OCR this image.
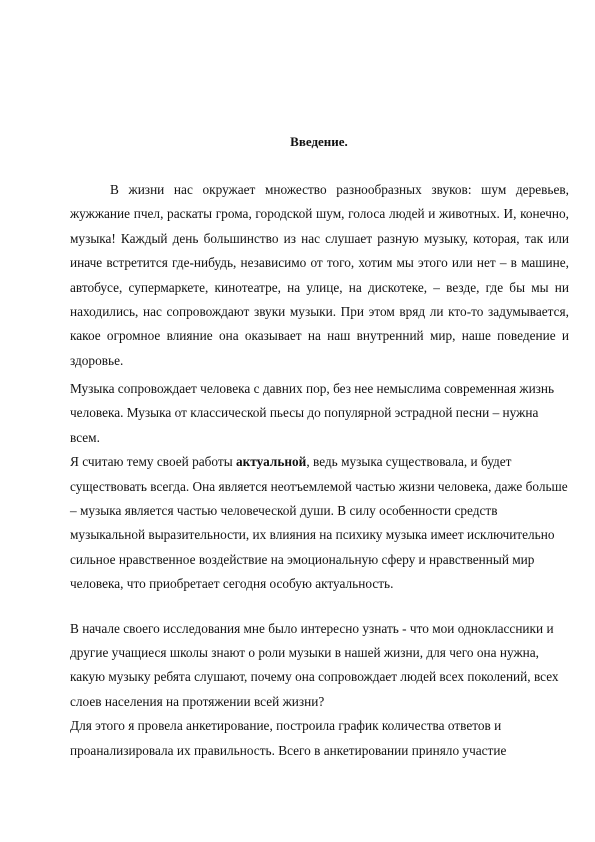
Введение.

В жизни нас окружает множество разнообразных звуков: шум деревьев, жужжание пчел, раскаты грома, городской шум, голоса людей и животных. И, конечно, музыка! Каждый день большинство из нас слушает разную музыку, которая, так или иначе встретится где-нибудь, независимо от того, хотим мы этого или нет – в машине, автобусе, супермаркете, кинотеатре, на улице, на дискотеке, – везде, где бы мы ни находились, нас сопровождают звуки музыки. При этом вряд ли кто-то задумывается, какое огромное влияние она оказывает на наш внутренний мир, наше поведение и здоровье.

Музыка сопровождает человека с давних пор, без нее немыслима современная жизнь человека. Музыка от классической пьесы до популярной эстрадной песни – нужна всем.

Я считаю тему своей работы актуальной, ведь музыка существовала, и будет существовать всегда. Она является неотъемлемой частью жизни человека, даже больше – музыка является частью человеческой души. В силу особенности средств музыкальной выразительности, их влияния на психику музыка имеет исключительно сильное нравственное воздействие на эмоциональную сферу и нравственный мир человека, что приобретает сегодня особую актуальность.

В начале своего исследования мне было интересно узнать - что мои одноклассники и другие учащиеся школы знают о роли музыки в нашей жизни, для чего она нужна, какую музыку ребята слушают, почему она сопровождает людей всех поколений, всех слоев населения на протяжении всей жизни?

Для этого я провела анкетирование, построила график количества ответов и проанализировала их правильность. Всего в анкетировании приняло участие
